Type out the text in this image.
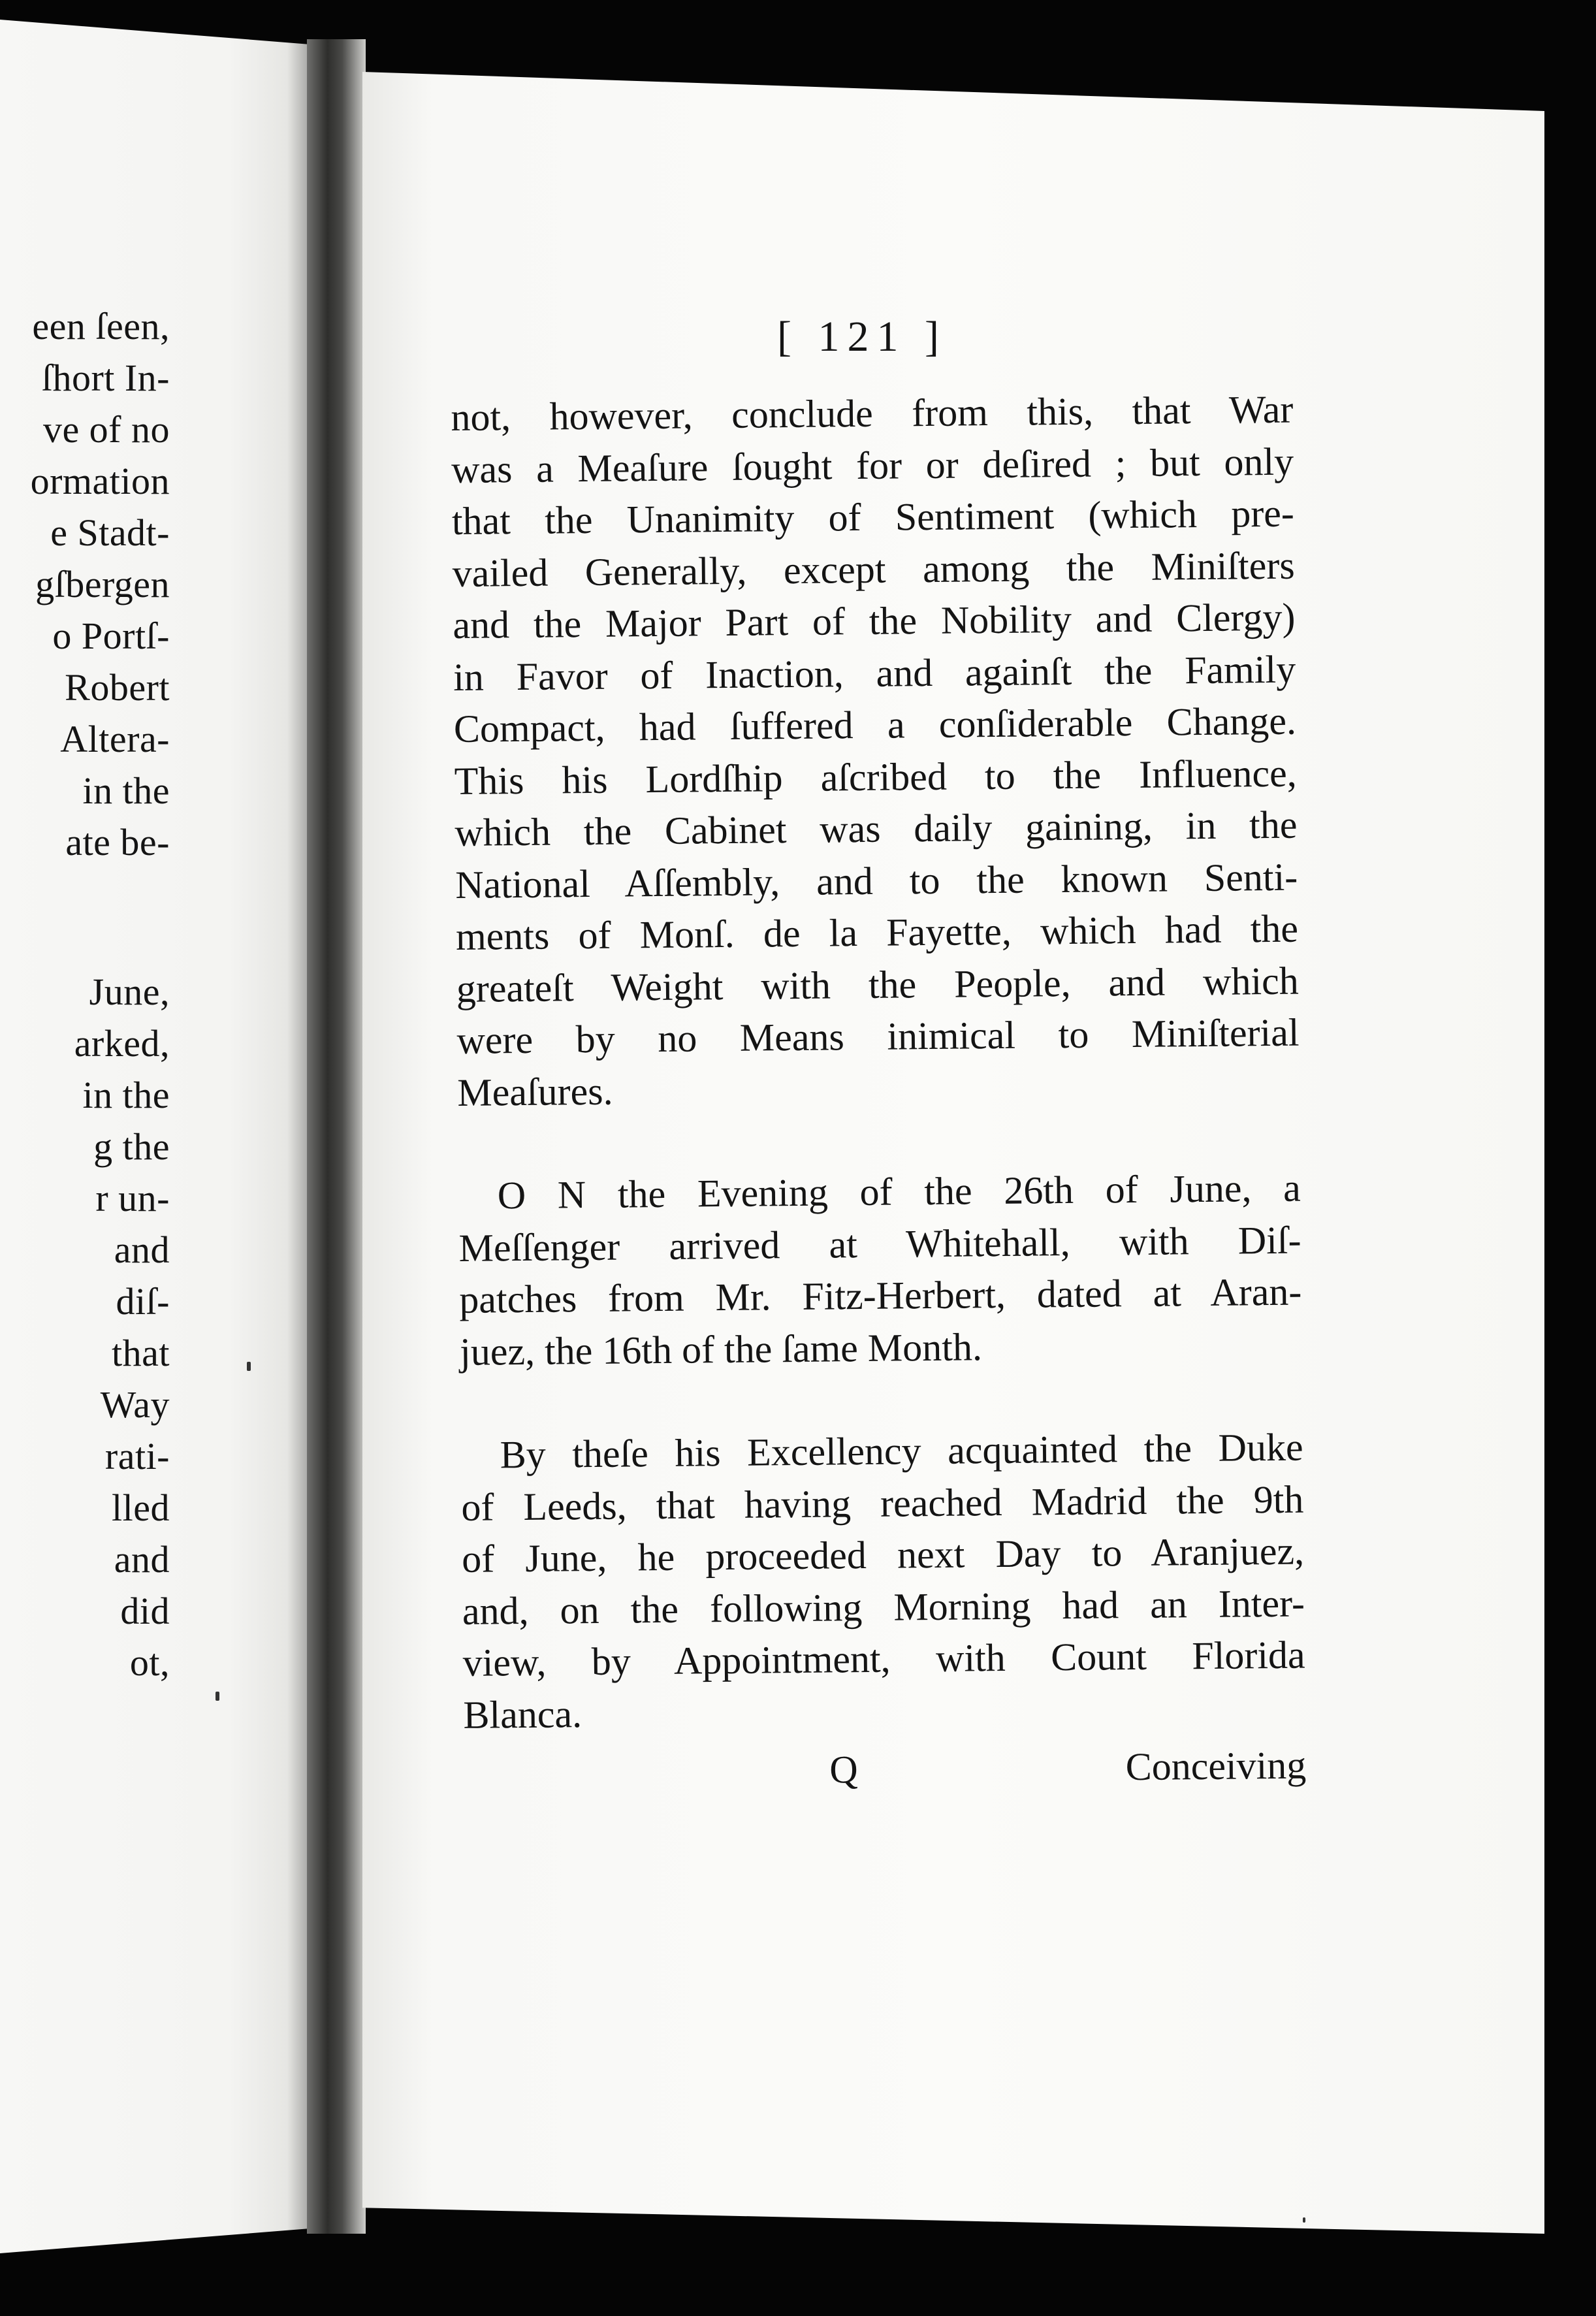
een ſeen,
ſhort In-
ve of no
ormation
e Stadt-
gſbergen
o Portſ-
Robert
Altera-
in the
ate be-
June,
arked,
in the
g the
r un-
and
diſ-
that
Way
rati-
lled
and
did
ot,
[ 121 ]
not, however, conclude from this, that War
was a Meaſure ſought for or deſired ; but only
that the Unanimity of Sentiment (which pre-
vailed Generally, except among the Miniſters
and the Major Part of the Nobility and Clergy)
in Favor of Inaction, and againſt the Family
Compact, had ſuffered a conſiderable Change.
This his Lordſhip aſcribed to the Influence,
which the Cabinet was daily gaining, in the
National Aſſembly, and to the known Senti-
ments of Monſ. de la Fayette, which had the
greateſt Weight with the People, and which
were by no Means inimical to Miniſterial
Meaſures.
O N the Evening of the 26th of June, a
Meſſenger arrived at Whitehall, with Diſ-
patches from Mr. Fitz-Herbert, dated at Aran-
juez, the 16th of the ſame Month.
By theſe his Excellency acquainted the Duke
of Leeds, that having reached Madrid the 9th
of June, he proceeded next Day to Aranjuez,
and, on the following Morning had an Inter-
view, by Appointment, with Count Florida
Blanca.
Q	Conceiving
